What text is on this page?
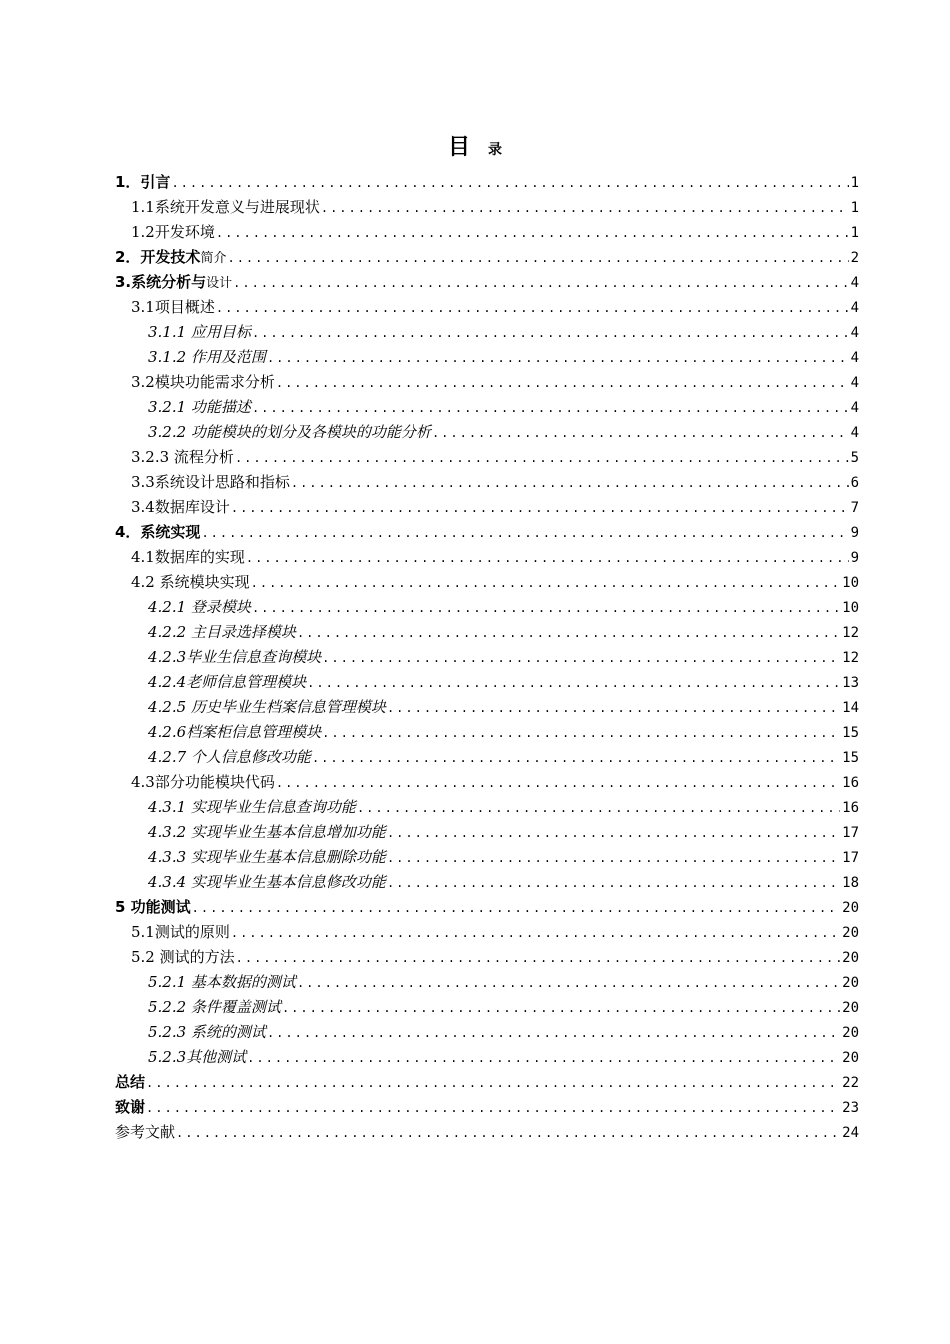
目 录
1．引言 .....	1
1.1系统开发意义与进展现状 .....	1
1.2开发环境 .....	1
2．开发技术简介 .....	2
3.系统分析与设计 .....	4
3.1项目概述 .....	4
3.1.1 应用目标 .....	4
3.1.2 作用及范围 .....	4
3.2模块功能需求分析 .....	4
3.2.1 功能描述 .....	4
3.2.2 功能模块的划分及各模块的功能分析 .....	4
3.2.3 流程分析 .....	5
3.3系统设计思路和指标 .....	6
3.4数据库设计 .....	7
4．系统实现 .....	9
4.1数据库的实现 .....	9
4.2 系统模块实现 .....	10
4.2.1 登录模块 .....	10
4.2.2 主目录选择模块 .....	12
4.2.3毕业生信息查询模块 .....	12
4.2.4老师信息管理模块 .....	13
4.2.5 历史毕业生档案信息管理模块 .....	14
4.2.6档案柜信息管理模块 .....	15
4.2.7 个人信息修改功能 .....	15
4.3部分功能模块代码 .....	16
4.3.1 实现毕业生信息查询功能 .....	16
4.3.2 实现毕业生基本信息增加功能 .....	17
4.3.3 实现毕业生基本信息删除功能 .....	17
4.3.4 实现毕业生基本信息修改功能 .....	18
5 功能测试 .....	20
5.1测试的原则 .....	20
5.2 测试的方法 .....	20
5.2.1 基本数据的测试 .....	20
5.2.2 条件覆盖测试 .....	20
5.2.3 系统的测试 .....	20
5.2.3其他测试 .....	20
总结 .....	22
致谢 .....	23
参考文献 .....	24
